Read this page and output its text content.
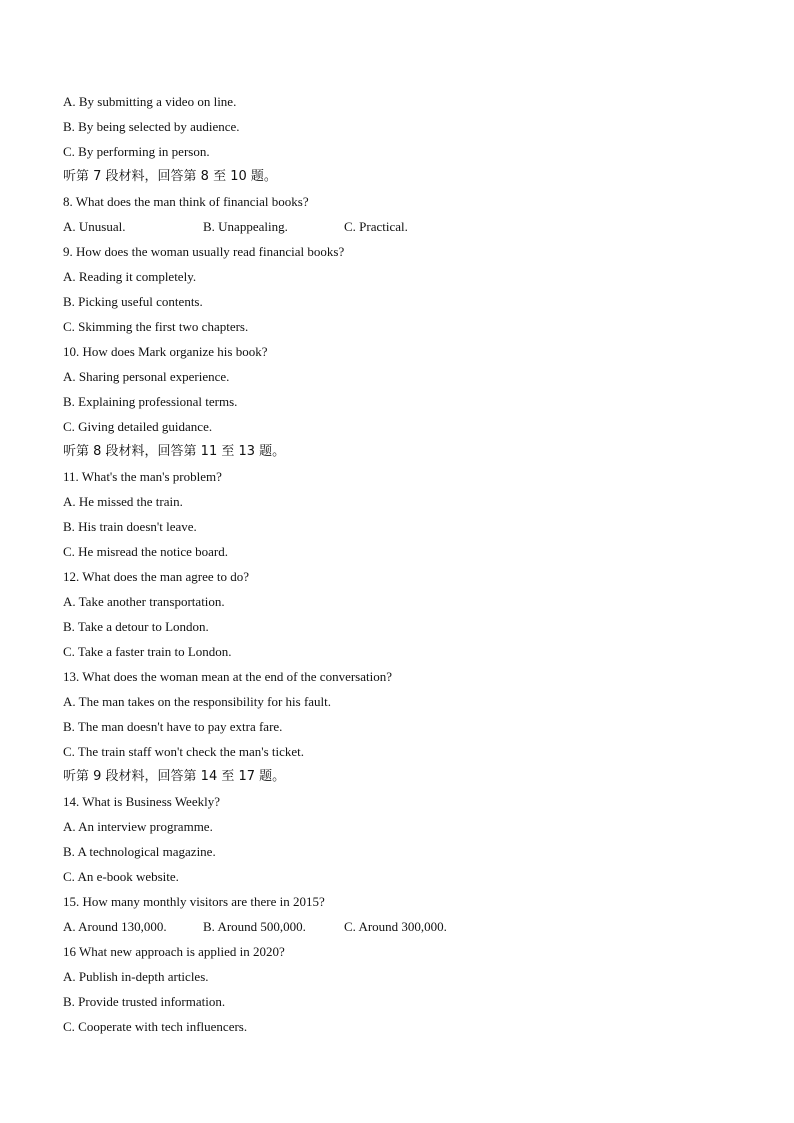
A. By submitting a video on line.
B. By being selected by audience.
C. By performing in person.
听第 7 段材料，回答第 8 至 10 题。
8. What does the man think of financial books?
A. Unusual.	B. Unappealing.	C. Practical.
9. How does the woman usually read financial books?
A. Reading it completely.
B. Picking useful contents.
C. Skimming the first two chapters.
10. How does Mark organize his book?
A. Sharing personal experience.
B. Explaining professional terms.
C. Giving detailed guidance.
听第 8 段材料，回答第 11 至 13 题。
11. What's the man's problem?
A. He missed the train.
B. His train doesn't leave.
C. He misread the notice board.
12. What does the man agree to do?
A. Take another transportation.
B. Take a detour to London.
C. Take a faster train to London.
13. What does the woman mean at the end of the conversation?
A. The man takes on the responsibility for his fault.
B. The man doesn't have to pay extra fare.
C. The train staff won't check the man's ticket.
听第 9 段材料，回答第 14 至 17 题。
14. What is Business Weekly?
A. An interview programme.
B. A technological magazine.
C. An e-book website.
15. How many monthly visitors are there in 2015?
A. Around 130,000.	B. Around 500,000.	C. Around 300,000.
16 What new approach is applied in 2020?
A. Publish in-depth articles.
B. Provide trusted information.
C. Cooperate with tech influencers.
